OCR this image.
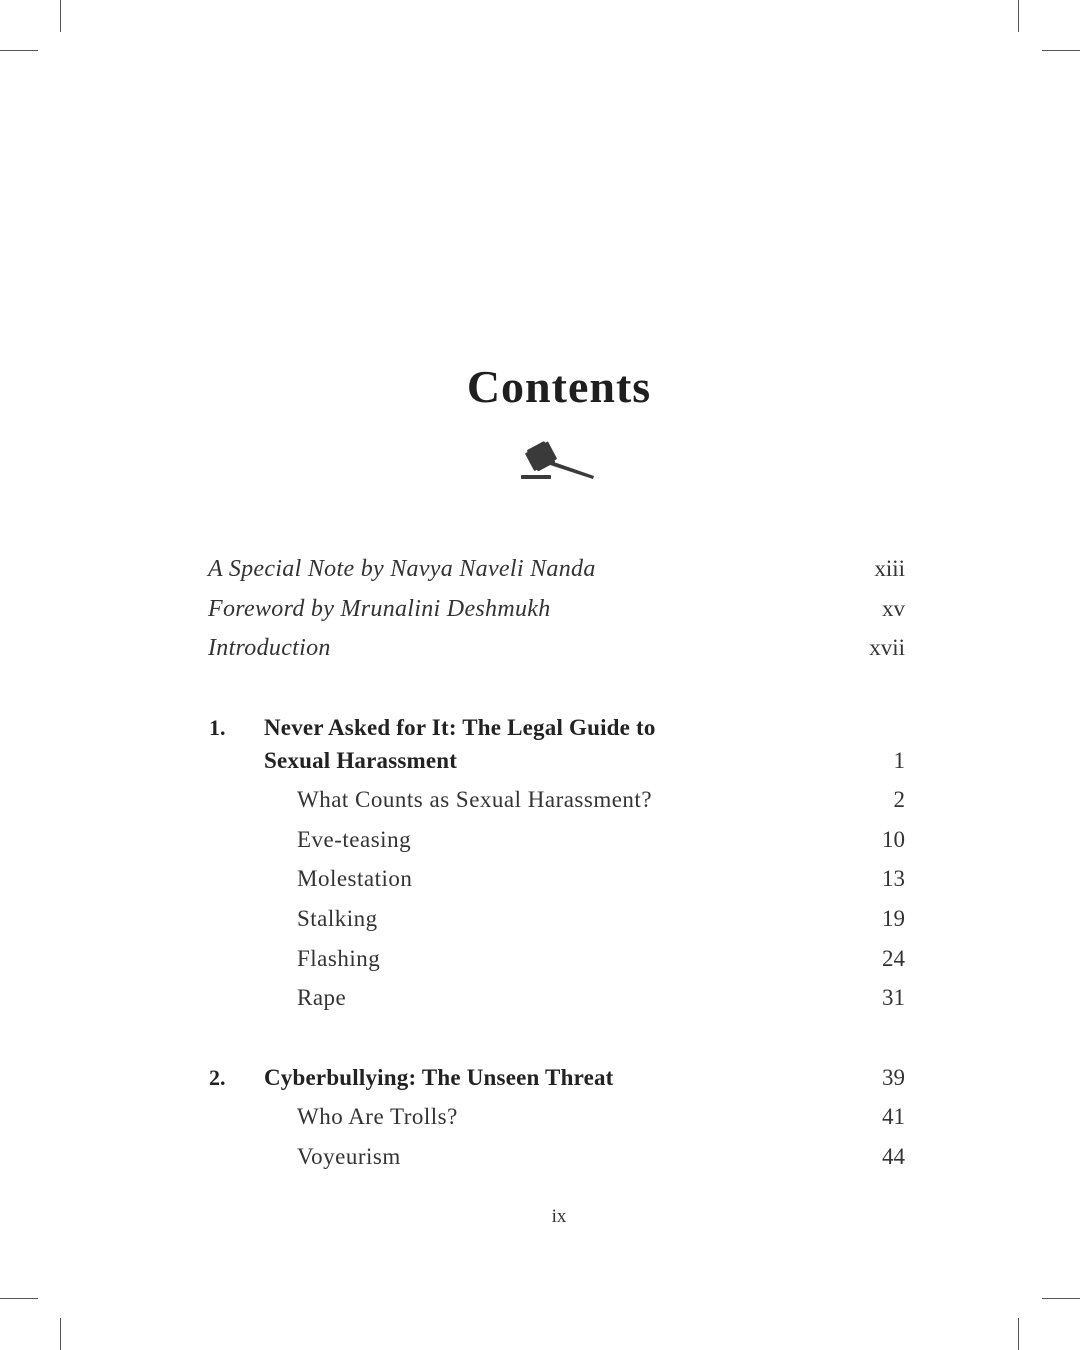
Contents
A Special Note by Navya Naveli Nanda	xiii
Foreword by Mrunalini Deshmukh	xv
Introduction	xvii
1. Never Asked for It: The Legal Guide to
Sexual Harassment	1
What Counts as Sexual Harassment?	2
Eve-teasing	10
Molestation	13
Stalking	19
Flashing	24
Rape	31
2. Cyberbullying: The Unseen Threat	39
Who Are Trolls?	41
Voyeurism	44
ix
